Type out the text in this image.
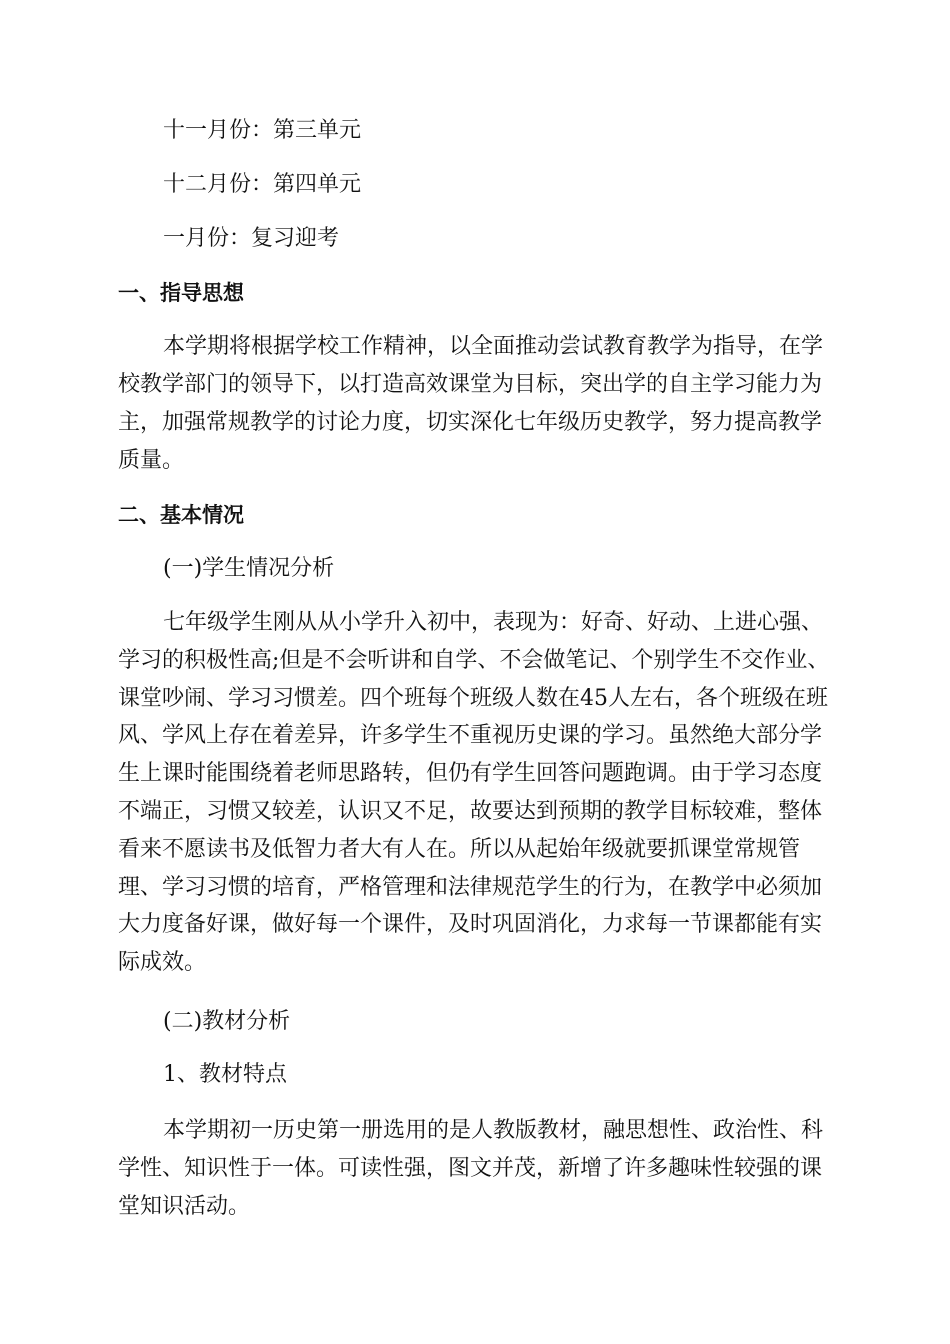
十一月份：第三单元
十二月份：第四单元
一月份：复习迎考
一、指导思想

本学期将根据学校工作精神，以全面推动尝试教育教学为指导，在学校教学部门的领导下，以打造高效课堂为目标，突出学的自主学习能力为主，加强常规教学的讨论力度，切实深化七年级历史教学，努力提高教学质量。

二、基本情况
(一)学生情况分析

七年级学生刚从从小学升入初中，表现为：好奇、好动、上进心强、学习的积极性高;但是不会听讲和自学、不会做笔记、个别学生不交作业、课堂吵闹、学习习惯差。四个班每个班级人数在45人左右，各个班级在班风、学风上存在着差异，许多学生不重视历史课的学习。虽然绝大部分学生上课时能围绕着老师思路转，但仍有学生回答问题跑调。由于学习态度不端正，习惯又较差，认识又不足，故要达到预期的教学目标较难，整体看来不愿读书及低智力者大有人在。所以从起始年级就要抓课堂常规管理、学习习惯的培育，严格管理和法律规范学生的行为，在教学中必须加大力度备好课，做好每一个课件，及时巩固消化，力求每一节课都能有实际成效。

(二)教材分析
1、教材特点

本学期初一历史第一册选用的是人教版教材，融思想性、政治性、科学性、知识性于一体。可读性强，图文并茂，新增了许多趣味性较强的课堂知识活动。
